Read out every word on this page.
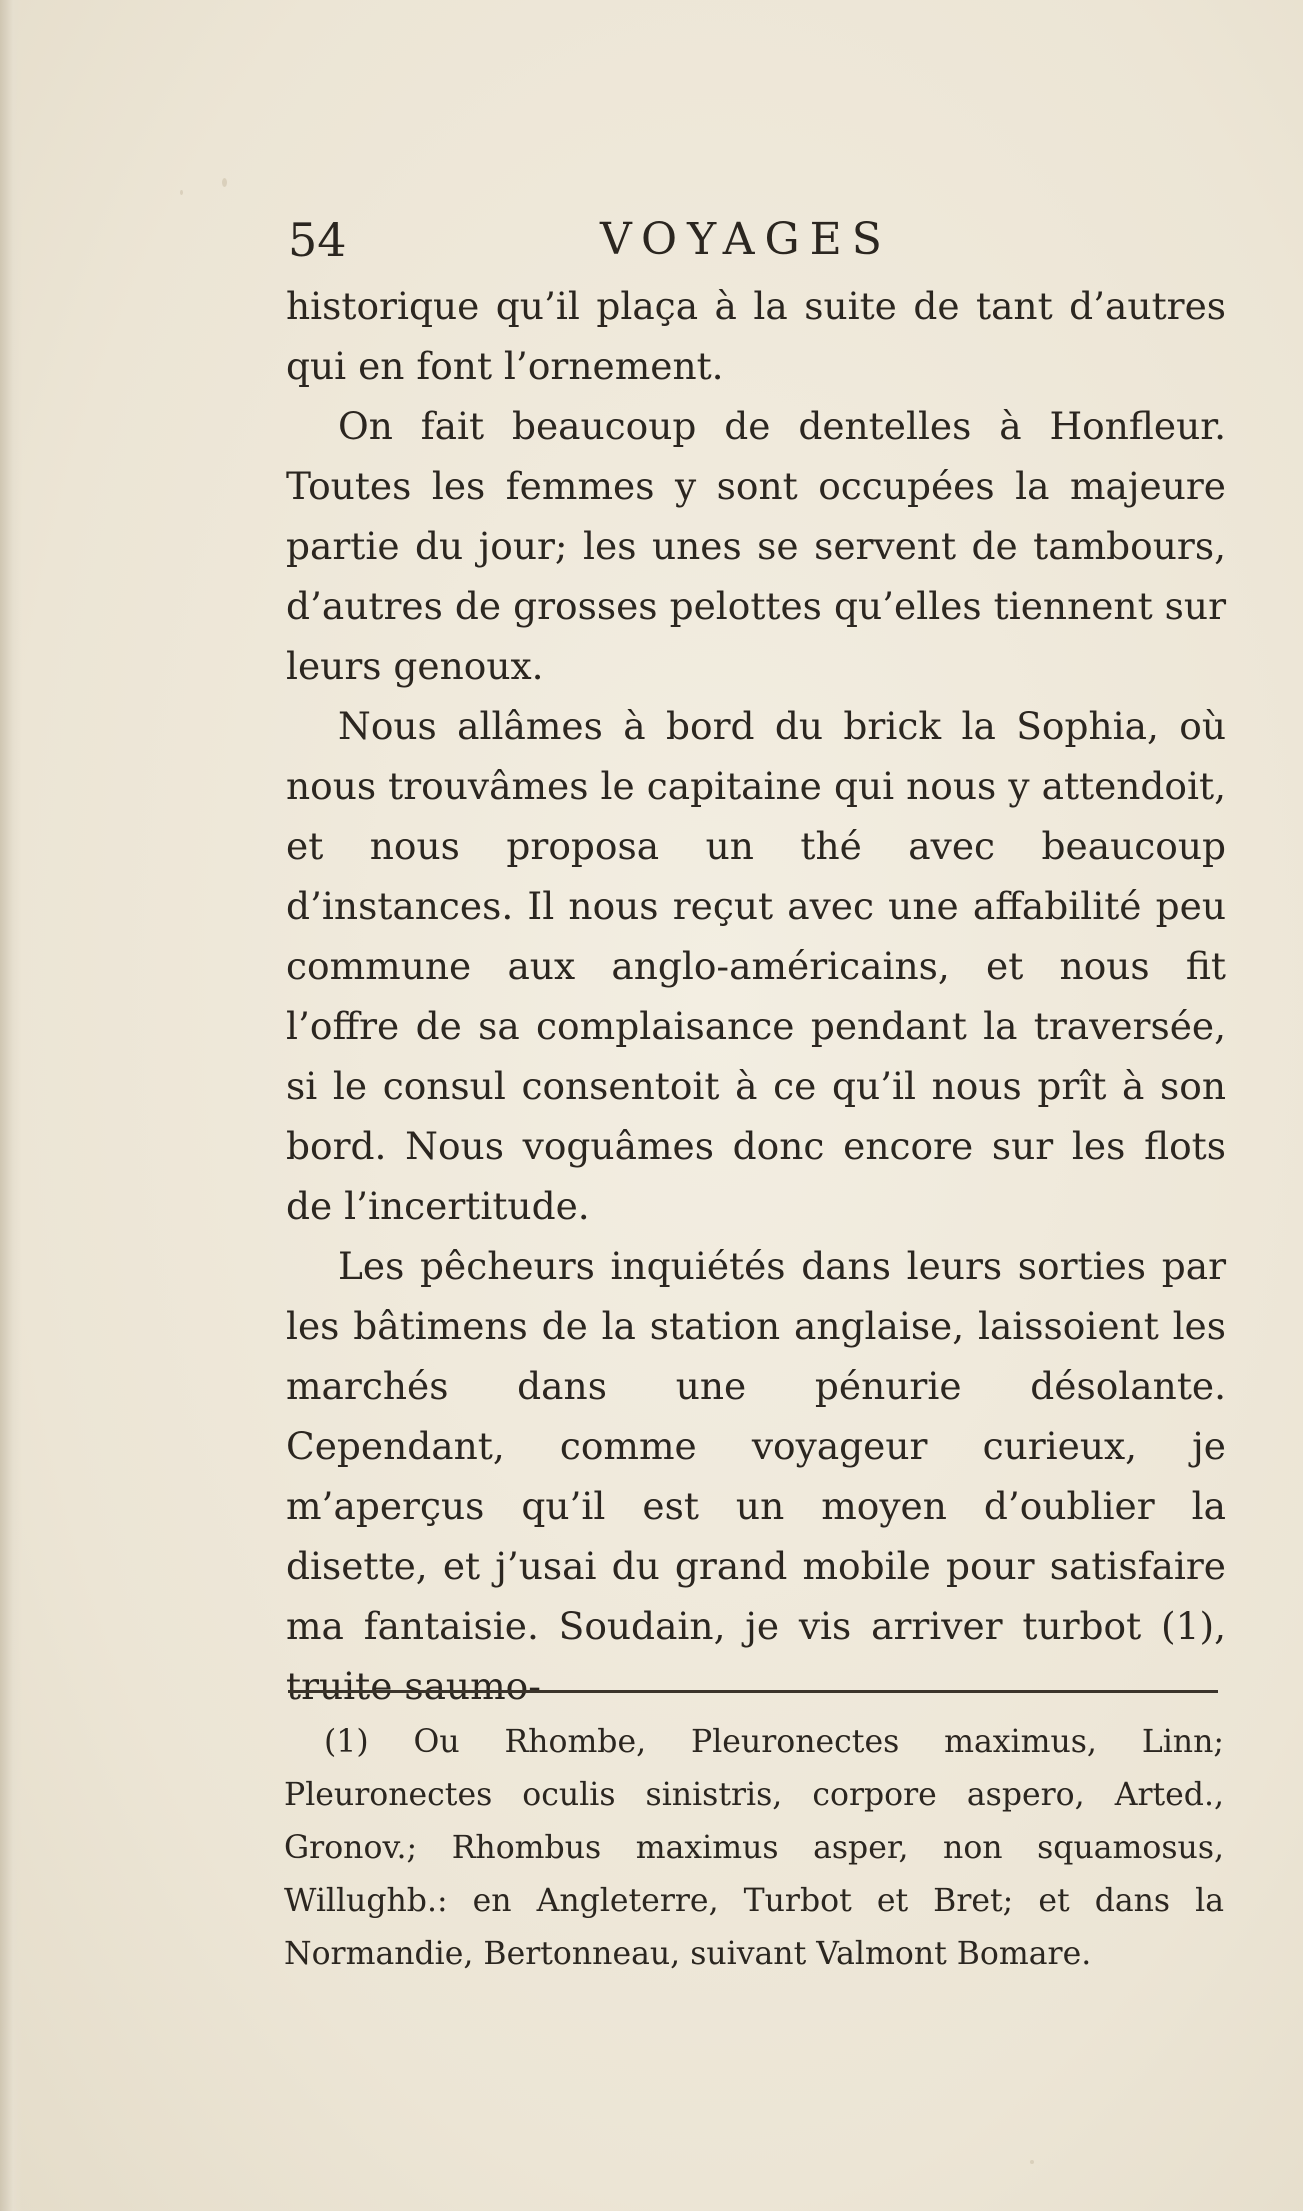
54	VOYAGES

historique qu’il plaça à la suite de tant d’autres qui en font l’ornement.

On fait beaucoup de dentelles à Honfleur. Toutes les femmes y sont occupées la majeure partie du jour; les unes se servent de tambours, d’autres de grosses pelottes qu’elles tiennent sur leurs genoux.

Nous allâmes à bord du brick la Sophia, où nous trouvâmes le capitaine qui nous y attendoit, et nous proposa un thé avec beaucoup d’instances. Il nous reçut avec une affabilité peu commune aux anglo-américains, et nous fit l’offre de sa complaisance pendant la traversée, si le consul consentoit à ce qu’il nous prît à son bord. Nous voguâmes donc encore sur les flots de l’incertitude.

Les pêcheurs inquiétés dans leurs sorties par les bâtimens de la station anglaise, laissoient les marchés dans une pénurie désolante. Cependant, comme voyageur curieux, je m’aperçus qu’il est un moyen d’oublier la disette, et j’usai du grand mobile pour satisfaire ma fantaisie. Soudain, je vis arriver turbot (1), truite saumo-

(1) Ou Rhombe, Pleuronectes maximus, Linn; Pleuronectes oculis sinistris, corpore aspero, Arted., Gronov.; Rhombus maximus asper, non squamosus, Willughb.: en Angleterre, Turbot et Bret; et dans la Normandie, Bertonneau, suivant Valmont Bomare.
